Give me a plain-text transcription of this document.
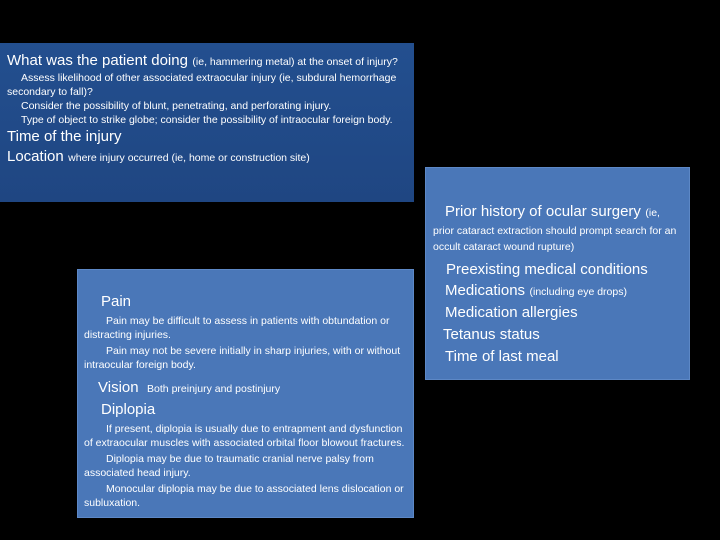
What was the patient doing (ie, hammering metal) at the onset of injury?

Assess likelihood of other associated extraocular injury (ie, subdural hemorrhage secondary to fall)?

Consider the possibility of blunt, penetrating, and perforating injury.

Type of object to strike globe; consider the possibility of intraocular foreign body.

Time of the injury

Location where injury occurred (ie, home or construction site)

Prior history of ocular surgery (ie, prior cataract extraction should prompt search for an occult cataract wound rupture)

Preexisting medical conditions

Medications (including eye drops)

Medication allergies

Tetanus status

Time of last meal

Pain

Pain may be difficult to assess in patients with obtundation or distracting injuries.

Pain may not be severe initially in sharp injuries, with or without intraocular foreign body.

Vision Both preinjury and postinjury

Diplopia

If present, diplopia is usually due to entrapment and dysfunction of extraocular muscles with associated orbital floor blowout fractures.

Diplopia may be due to traumatic cranial nerve palsy from associated head injury.

Monocular diplopia may be due to associated lens dislocation or subluxation.
